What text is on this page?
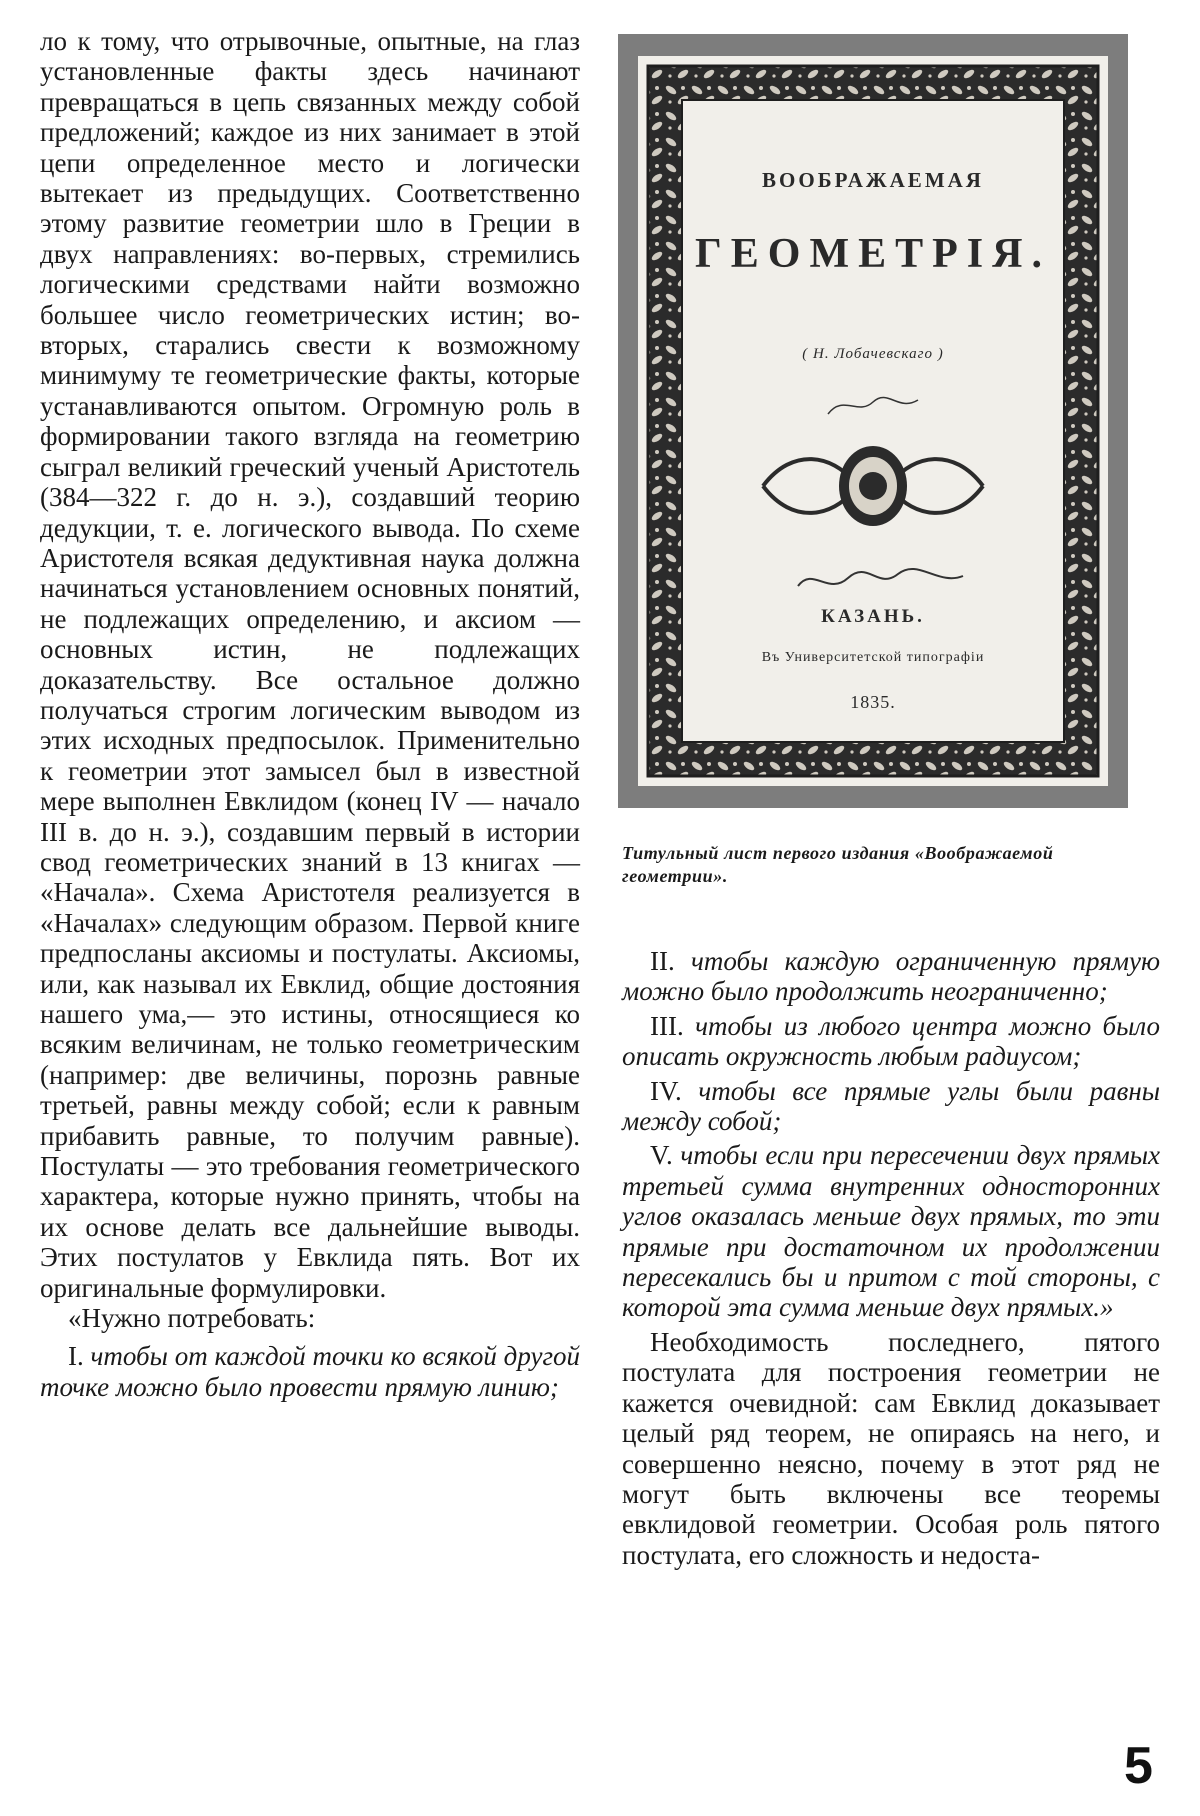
ло к тому, что отрывочные, опытные, на глаз установленные факты здесь начинают превращаться в цепь связанных между собой предложений; каждое из них занимает в этой цепи определенное место и логически вытекает из предыдущих. Соответственно этому развитие геометрии шло в Греции в двух направлениях: во-первых, стремились логическими средствами найти возможно большее число геометрических истин; во-вторых, старались свести к возможному минимуму те геометрические факты, которые устанавливаются опытом. Огромную роль в формировании такого взгляда на геометрию сыграл великий греческий ученый Аристотель (384—322 г. до н. э.), создавший теорию дедукции, т. е. логического вывода. По схеме Аристотеля всякая дедуктивная наука должна начинаться установлением основных понятий, не подлежащих определению, и аксиом — основных истин, не подлежащих доказательству. Все остальное должно получаться строгим логическим выводом из этих исходных предпосылок. Применительно к геометрии этот замысел был в известной мере выполнен Евклидом (конец IV — начало III в. до н. э.), создавшим первый в истории свод геометрических знаний в 13 книгах — «Начала». Схема Аристотеля реализуется в «Началах» следующим образом. Первой книге предпосланы аксиомы и постулаты. Аксиомы, или, как называл их Евклид, общие достояния нашего ума,— это истины, относящиеся ко всяким величинам, не только геометрическим (например: две величины, порознь равные третьей, равны между собой; если к равным прибавить равные, то получим равные). Постулаты — это требования геометрического характера, которые нужно принять, чтобы на их основе делать все дальнейшие выводы. Этих постулатов у Евклида пять. Вот их оригинальные формулировки.

«Нужно потребовать:

I. чтобы от каждой точки ко всякой другой точке можно было провести прямую линию;

ВООБРАЖАЕМАЯ
ГЕОМЕТРІЯ.
( Н. Лобачевскаго )
КАЗАНЬ.
Въ Университетской типографіи
1835.
Титульный лист первого издания «Воображаемой геометрии».

II. чтобы каждую ограниченную прямую можно было продолжить неограниченно;

III. чтобы из любого центра можно было описать окружность любым радиусом;

IV. чтобы все прямые углы были равны между собой;

V. чтобы если при пересечении двух прямых третьей сумма внутренних односторонних углов оказалась меньше двух прямых, то эти прямые при достаточном их продолжении пересекались бы и притом с той стороны, с которой эта сумма меньше двух прямых.»

Необходимость последнего, пятого постулата для построения геометрии не кажется очевидной: сам Евклид доказывает целый ряд теорем, не опираясь на него, и совершенно неясно, почему в этот ряд не могут быть включены все теоремы евклидовой геометрии. Особая роль пятого постулата, его сложность и недоста-

5
